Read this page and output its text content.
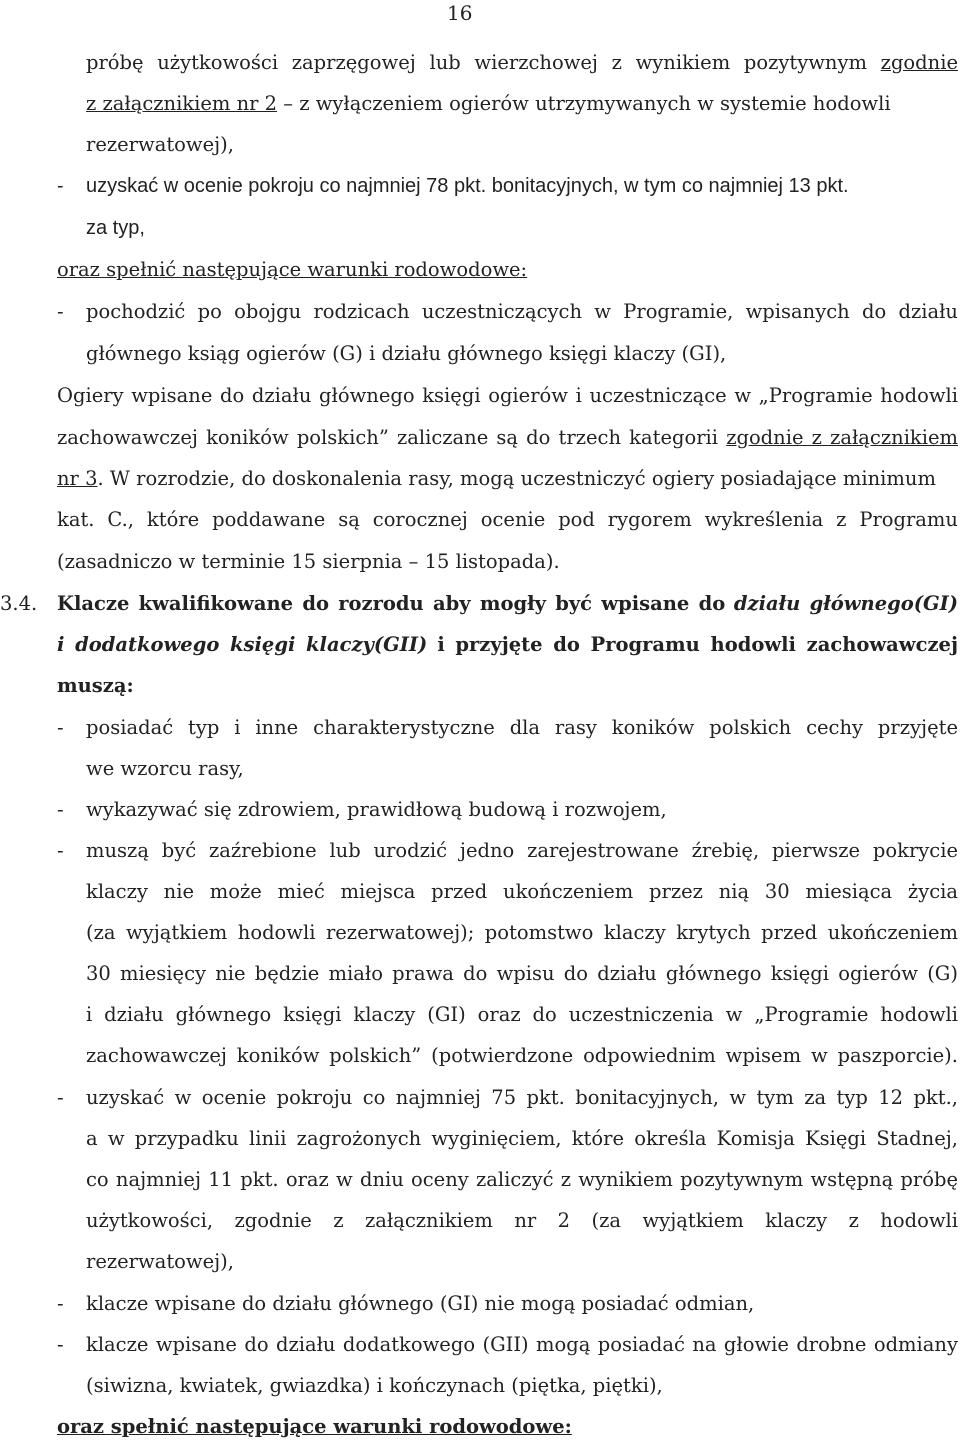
16
próbę użytkowości zaprzęgowej lub wierzchowej z wynikiem pozytywnym zgodnie
z załącznikiem nr 2 – z wyłączeniem ogierów utrzymywanych w systemie hodowli
rezerwatowej),
- uzyskać w ocenie pokroju co najmniej 78 pkt. bonitacyjnych, w tym co najmniej 13 pkt.
za typ,
oraz spełnić następujące warunki rodowodowe:
- pochodzić po obojgu rodzicach uczestniczących w Programie, wpisanych do działu
głównego ksiąg ogierów (G) i działu głównego księgi klaczy (GI),
Ogiery wpisane do działu głównego księgi ogierów i uczestniczące w „Programie hodowli
zachowawczej koników polskich” zaliczane są do trzech kategorii zgodnie z załącznikiem
nr 3. W rozrodzie, do doskonalenia rasy, mogą uczestniczyć ogiery posiadające minimum
kat. C., które poddawane są corocznej ocenie pod rygorem wykreślenia z Programu
(zasadniczo w terminie 15 sierpnia – 15 listopada).
3.4. Klacze kwalifikowane do rozrodu aby mogły być wpisane do działu głównego(GI)
i dodatkowego księgi klaczy(GII) i przyjęte do Programu hodowli zachowawczej
muszą:
- posiadać typ i inne charakterystyczne dla rasy koników polskich cechy przyjęte
we wzorcu rasy,
- wykazywać się zdrowiem, prawidłową budową i rozwojem,
- muszą być zaźrebione lub urodzić jedno zarejestrowane źrebię, pierwsze pokrycie
klaczy nie może mieć miejsca przed ukończeniem przez nią 30 miesiąca życia
(za wyjątkiem hodowli rezerwatowej); potomstwo klaczy krytych przed ukończeniem
30 miesięcy nie będzie miało prawa do wpisu do działu głównego księgi ogierów (G)
i działu głównego księgi klaczy (GI) oraz do uczestniczenia w „Programie hodowli
zachowawczej koników polskich” (potwierdzone odpowiednim wpisem w paszporcie).
- uzyskać w ocenie pokroju co najmniej 75 pkt. bonitacyjnych, w tym za typ 12 pkt.,
a w przypadku linii zagrożonych wyginięciem, które określa Komisja Księgi Stadnej,
co najmniej 11 pkt. oraz w dniu oceny zaliczyć z wynikiem pozytywnym wstępną próbę
użytkowości, zgodnie z załącznikiem nr 2 (za wyjątkiem klaczy z hodowli
rezerwatowej),
- klacze wpisane do działu głównego (GI) nie mogą posiadać odmian,
- klacze wpisane do działu dodatkowego (GII) mogą posiadać na głowie drobne odmiany
(siwizna, kwiatek, gwiazdka) i kończynach (piętka, piętki),
oraz spełnić następujące warunki rodowodowe:
